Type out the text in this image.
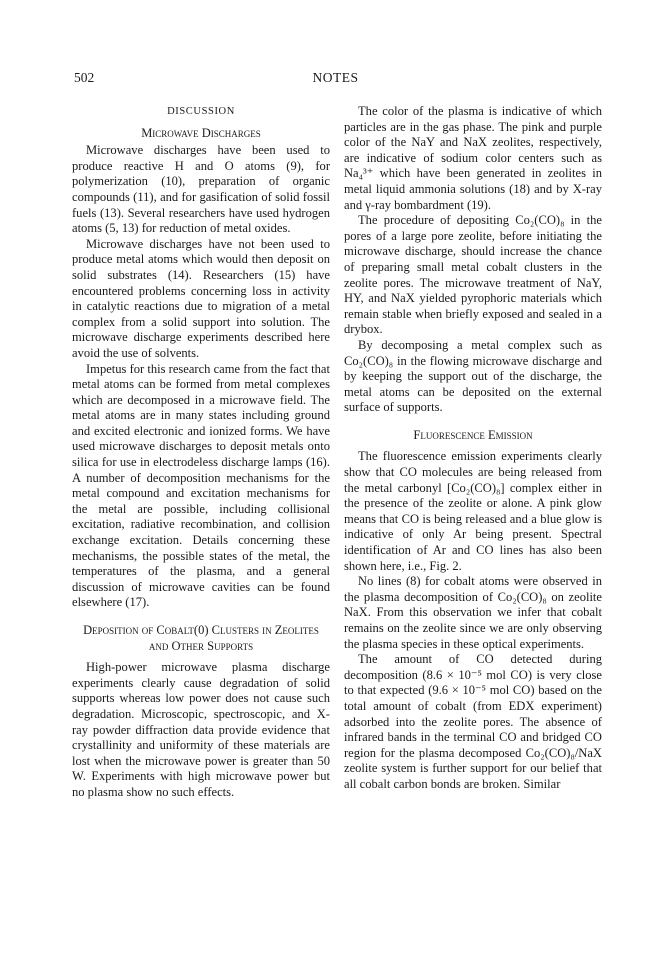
502	NOTES
DISCUSSION
Microwave Discharges

Microwave discharges have been used to produce reactive H and O atoms (9), for polymerization (10), preparation of organic compounds (11), and for gasification of solid fossil fuels (13). Several researchers have used hydrogen atoms (5, 13) for reduction of metal oxides.

Microwave discharges have not been used to produce metal atoms which would then deposit on solid substrates (14). Researchers (15) have encountered problems concerning loss in activity in catalytic reactions due to migration of a metal complex from a solid support into solution. The microwave discharge experiments described here avoid the use of solvents.

Impetus for this research came from the fact that metal atoms can be formed from metal complexes which are decomposed in a microwave field. The metal atoms are in many states including ground and excited electronic and ionized forms. We have used microwave discharges to deposit metals onto silica for use in electrodeless discharge lamps (16). A number of decomposition mechanisms for the metal compound and excitation mechanisms for the metal are possible, including collisional excitation, radiative recombination, and collision exchange excitation. Details concerning these mechanisms, the possible states of the metal, the temperatures of the plasma, and a general discussion of microwave cavities can be found elsewhere (17).

Deposition of Cobalt(0) Clusters in Zeolites and Other Supports

High-power microwave plasma discharge experiments clearly cause degradation of solid supports whereas low power does not cause such degradation. Microscopic, spectroscopic, and X-ray powder diffraction data provide evidence that crystallinity and uniformity of these materials are lost when the microwave power is greater than 50 W. Experiments with high microwave power but no plasma show no such effects.

The color of the plasma is indicative of which particles are in the gas phase. The pink and purple color of the NaY and NaX zeolites, respectively, are indicative of sodium color centers such as Na₄³⁺ which have been generated in zeolites in metal liquid ammonia solutions (18) and by X-ray and γ-ray bombardment (19).

The procedure of depositing Co₂(CO)₈ in the pores of a large pore zeolite, before initiating the microwave discharge, should increase the chance of preparing small metal cobalt clusters in the zeolite pores. The microwave treatment of NaY, HY, and NaX yielded pyrophoric materials which remain stable when briefly exposed and sealed in a drybox.

By decomposing a metal complex such as Co₂(CO)₈ in the flowing microwave discharge and by keeping the support out of the discharge, the metal atoms can be deposited on the external surface of supports.

Fluorescence Emission

The fluorescence emission experiments clearly show that CO molecules are being released from the metal carbonyl [Co₂(CO)₈] complex either in the presence of the zeolite or alone. A pink glow means that CO is being released and a blue glow is indicative of only Ar being present. Spectral identification of Ar and CO lines has also been shown here, i.e., Fig. 2.

No lines (8) for cobalt atoms were observed in the plasma decomposition of Co₂(CO)₈ on zeolite NaX. From this observation we infer that cobalt remains on the zeolite since we are only observing the plasma species in these optical experiments.

The amount of CO detected during decomposition (8.6 × 10⁻⁵ mol CO) is very close to that expected (9.6 × 10⁻⁵ mol CO) based on the total amount of cobalt (from EDX experiment) adsorbed into the zeolite pores. The absence of infrared bands in the terminal CO and bridged CO region for the plasma decomposed Co₂(CO)₈/NaX zeolite system is further support for our belief that all cobalt carbon bonds are broken. Similar
